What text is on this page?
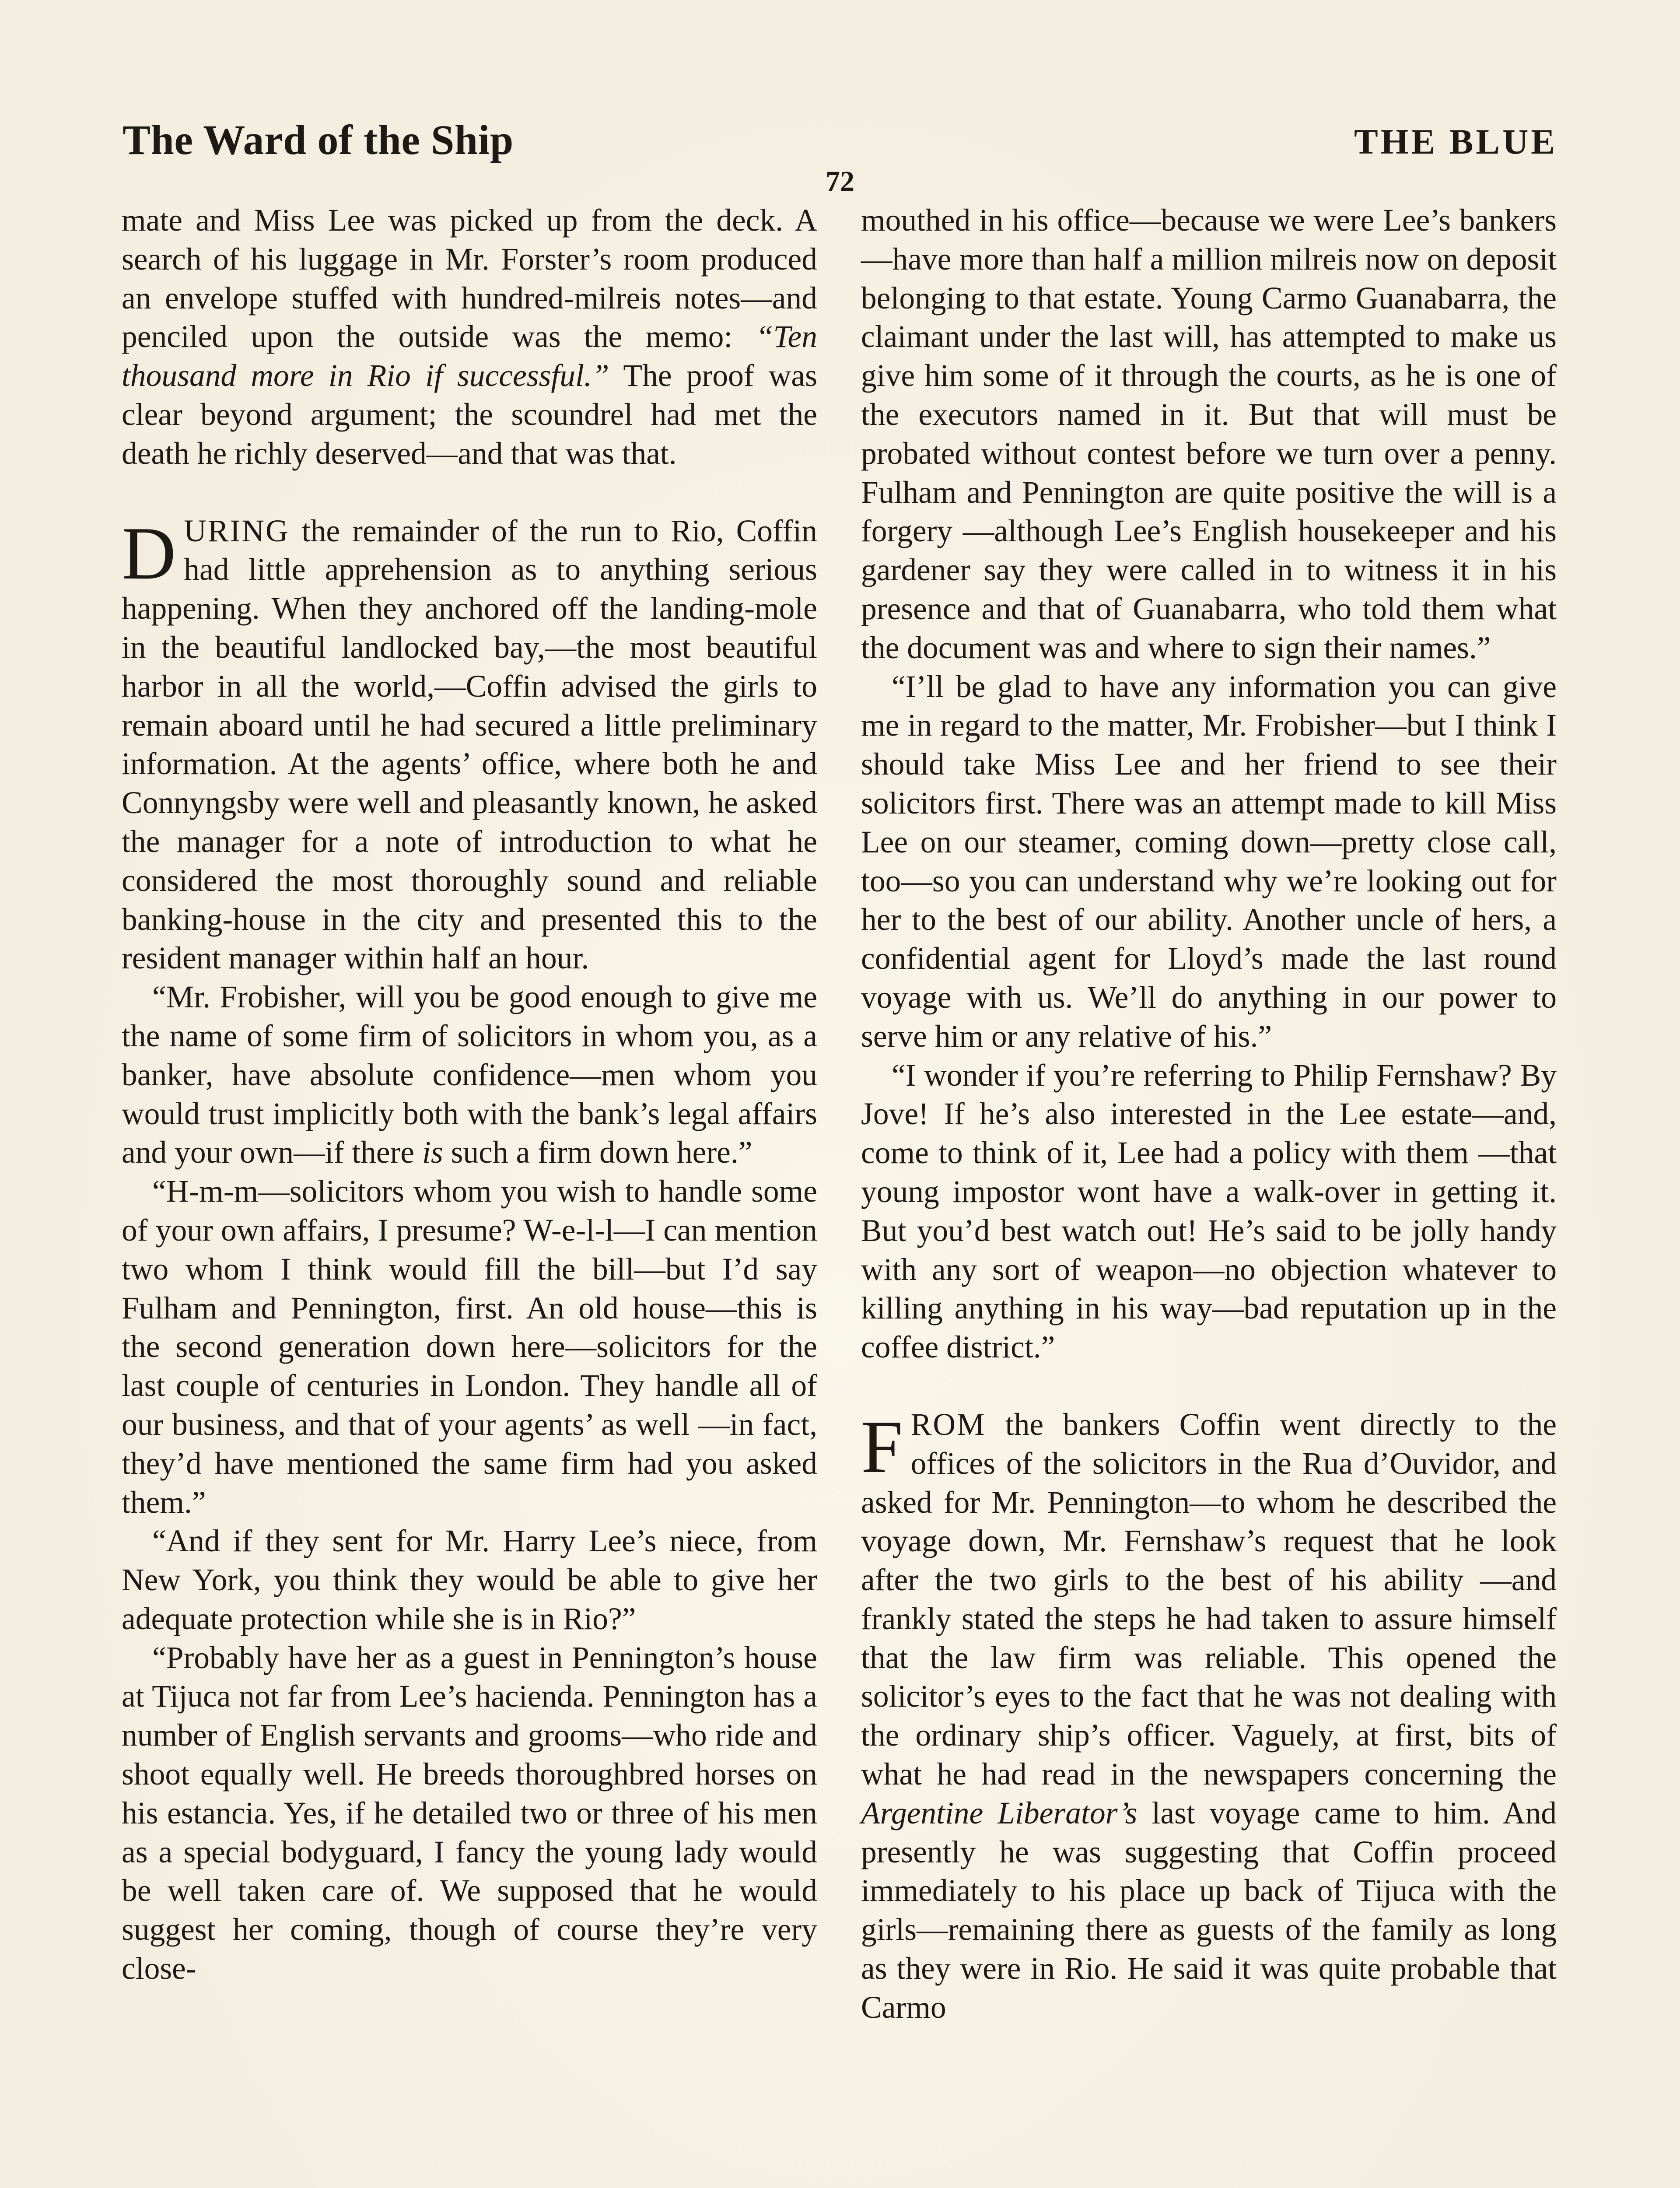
The Ward of the Ship	THE BLUE
72

mate and Miss Lee was picked up from the deck. A search of his luggage in Mr. Forster’s room produced an envelope stuffed with hundred-milreis notes—and penciled upon the outside was the memo: “Ten thousand more in Rio if successful.” The proof was clear beyond argument; the scoundrel had met the death he richly deserved—and that was that.

DURING the remainder of the run to Rio, Coffin had little apprehension as to anything serious happening. When they anchored off the landing-mole in the beautiful landlocked bay,—the most beautiful harbor in all the world,—Coffin advised the girls to remain aboard until he had secured a little preliminary information. At the agents’ office, where both he and Connyngsby were well and pleasantly known, he asked the manager for a note of introduction to what he considered the most thoroughly sound and reliable banking-house in the city and presented this to the resident manager within half an hour.

“Mr. Frobisher, will you be good enough to give me the name of some firm of solicitors in whom you, as a banker, have absolute confidence—men whom you would trust implicitly both with the bank’s legal affairs and your own—if there is such a firm down here.”

“H-m-m—solicitors whom you wish to handle some of your own affairs, I presume? W-e-l-l—I can mention two whom I think would fill the bill—but I’d say Fulham and Pennington, first. An old house—this is the second generation down here—solicitors for the last couple of centuries in London. They handle all of our business, and that of your agents’ as well —in fact, they’d have mentioned the same firm had you asked them.”

“And if they sent for Mr. Harry Lee’s niece, from New York, you think they would be able to give her adequate protection while she is in Rio?”

“Probably have her as a guest in Pennington’s house at Tijuca not far from Lee’s hacienda. Pennington has a number of English servants and grooms—who ride and shoot equally well. He breeds thoroughbred horses on his estancia. Yes, if he detailed two or three of his men as a special bodyguard, I fancy the young lady would be well taken care of. We supposed that he would suggest her coming, though of course they’re very close-

mouthed in his office—because we were Lee’s bankers—have more than half a million milreis now on deposit belonging to that estate. Young Carmo Guanabarra, the claimant under the last will, has attempted to make us give him some of it through the courts, as he is one of the executors named in it. But that will must be probated without contest before we turn over a penny. Fulham and Pennington are quite positive the will is a forgery —although Lee’s English housekeeper and his gardener say they were called in to witness it in his presence and that of Guanabarra, who told them what the document was and where to sign their names.”

“I’ll be glad to have any information you can give me in regard to the matter, Mr. Frobisher—but I think I should take Miss Lee and her friend to see their solicitors first. There was an attempt made to kill Miss Lee on our steamer, coming down—pretty close call, too—so you can understand why we’re looking out for her to the best of our ability. Another uncle of hers, a confidential agent for Lloyd’s made the last round voyage with us. We’ll do anything in our power to serve him or any relative of his.”

“I wonder if you’re referring to Philip Fernshaw? By Jove! If he’s also interested in the Lee estate—and, come to think of it, Lee had a policy with them —that young impostor wont have a walk-over in getting it. But you’d best watch out! He’s said to be jolly handy with any sort of weapon—no objection whatever to killing anything in his way—bad reputation up in the coffee district.”

FROM the bankers Coffin went directly to the offices of the solicitors in the Rua d’Ouvidor, and asked for Mr. Pennington—to whom he described the voyage down, Mr. Fernshaw’s request that he look after the two girls to the best of his ability —and frankly stated the steps he had taken to assure himself that the law firm was reliable. This opened the solicitor’s eyes to the fact that he was not dealing with the ordinary ship’s officer. Vaguely, at first, bits of what he had read in the newspapers concerning the Argentine Liberator’s last voyage came to him. And presently he was suggesting that Coffin proceed immediately to his place up back of Tijuca with the girls—remaining there as guests of the family as long as they were in Rio. He said it was quite probable that Carmo
